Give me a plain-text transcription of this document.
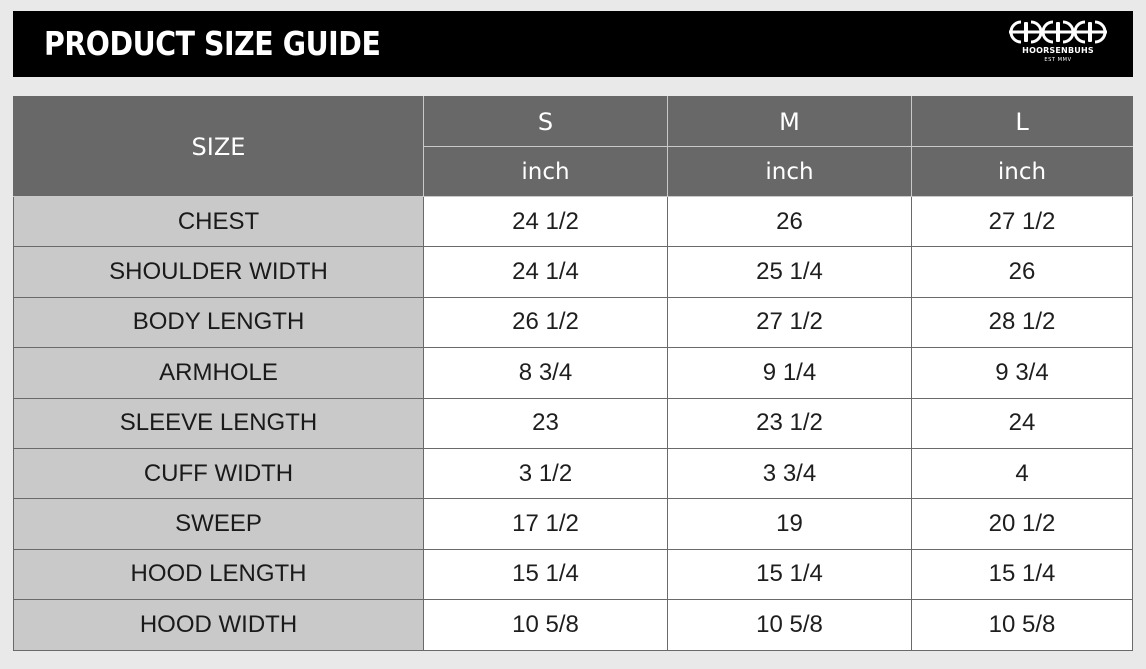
PRODUCT SIZE GUIDE	HOORSENBUHS
EST MMV
SIZE	S	M	L
	inch	inch	inch
CHEST	24 1/2	26	27 1/2
SHOULDER WIDTH	24 1/4	25 1/4	26
BODY LENGTH	26 1/2	27 1/2	28 1/2
ARMHOLE	8 3/4	9 1/4	9 3/4
SLEEVE LENGTH	23	23 1/2	24
CUFF WIDTH	3 1/2	3 3/4	4
SWEEP	17 1/2	19	20 1/2
HOOD LENGTH	15 1/4	15 1/4	15 1/4
HOOD WIDTH	10 5/8	10 5/8	10 5/8
